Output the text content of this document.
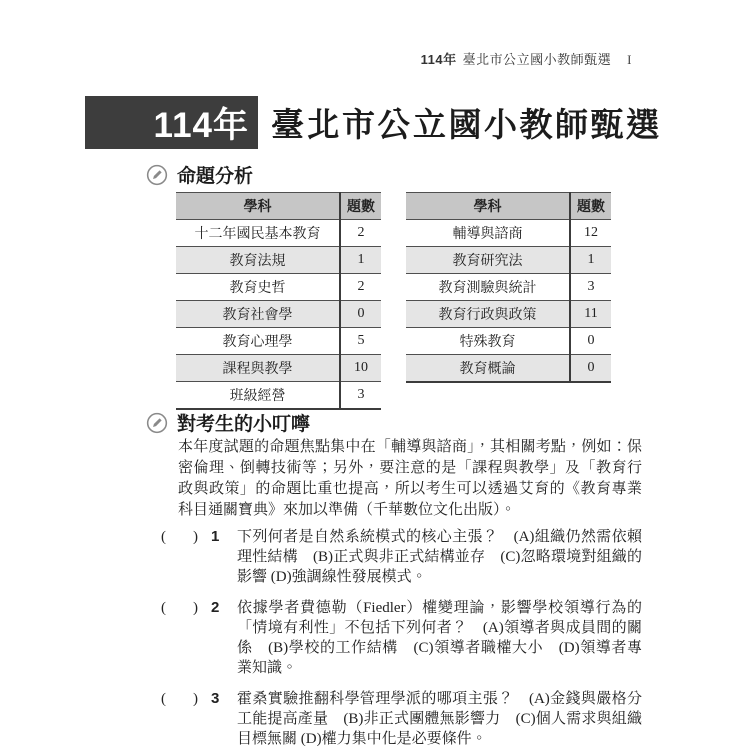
114年 臺北市公立國小教師甄選 I
114年 臺北市公立國小教師甄選
命題分析
學科	題數
十二年國民基本教育	2
教育法規	1
教育史哲	2
教育社會學	0
教育心理學	5
課程與教學	10
班級經營	3
學科	題數
輔導與諮商	12
教育研究法	1
教育測驗與統計	3
教育行政與政策	11
特殊教育	0
教育概論	0
對考生的小叮嚀

本年度試題的命題焦點集中在「輔導與諮商」，其相關考點，例如：保密倫理、倒轉技術等；另外，要注意的是「課程與教學」及「教育行政與政策」的命題比重也提高，所以考生可以透過艾育的《教育專業科目通關寶典》來加以準備（千華數位文化出版）。

( ) 1	下列何者是自然系統模式的核心主張？　(A)組織仍然需依賴理性結構　(B)正式與非正式結構並存　(C)忽略環境對組織的影響 (D)強調線性發展模式。
( ) 2	依據學者費德勒（Fiedler）權變理論，影響學校領導行為的「情境有利性」不包括下列何者？　(A)領導者與成員間的關係　(B)學校的工作結構　(C)領導者職權大小　(D)領導者專業知識。
( ) 3	霍桑實驗推翻科學管理學派的哪項主張？　(A)金錢與嚴格分工能提高產量　(B)非正式團體無影響力　(C)個人需求與組織目標無關 (D)權力集中化是必要條件。
